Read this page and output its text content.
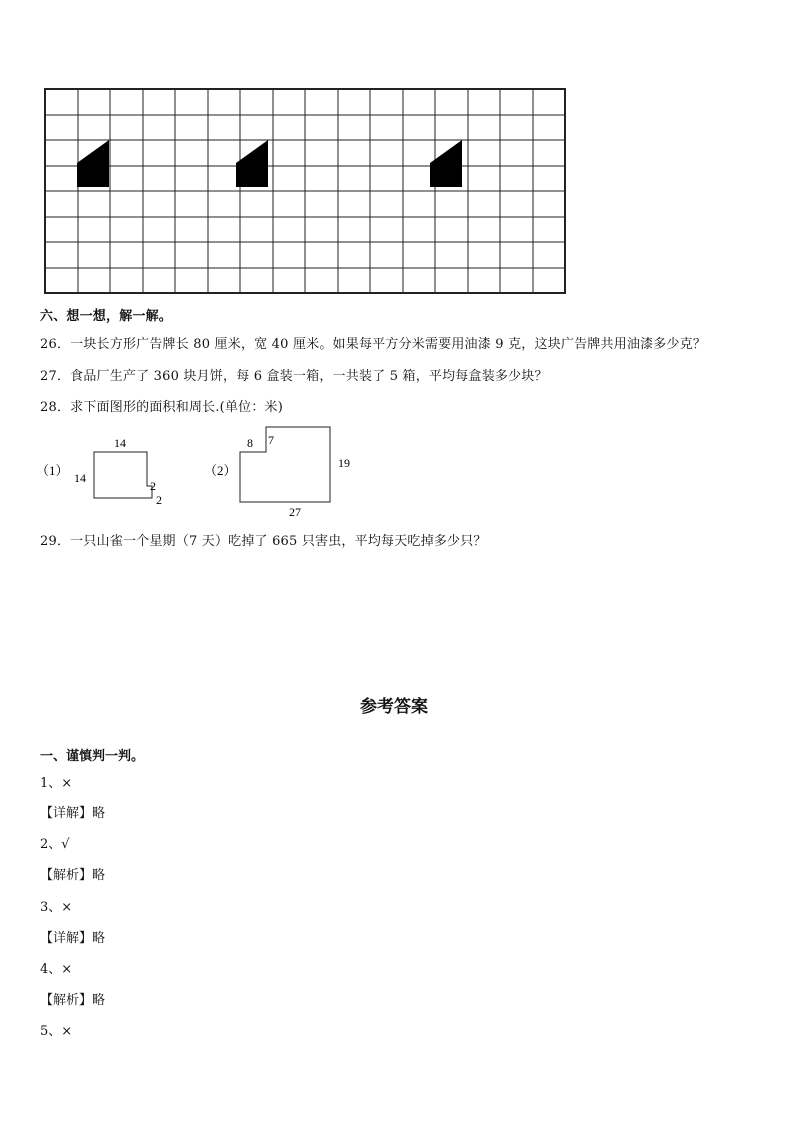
六、想一想，解一解。
26．一块长方形广告牌长 80 厘米，宽 40 厘米。如果每平方分米需要用油漆 9 克，这块广告牌共用油漆多少克？
27．食品厂生产了 360 块月饼，每 6 盒装一箱，一共装了 5 箱，平均每盒装多少块？
28．求下面图形的面积和周长.(单位：米)
（1）
14
14
2
2
（2）
8 7
19
27
29．一只山雀一个星期（7 天）吃掉了 665 只害虫，平均每天吃掉多少只？
参考答案
一、谨慎判一判。
1、×
【详解】略
2、√
【解析】略
3、×
【详解】略
4、×
【解析】略
5、×
